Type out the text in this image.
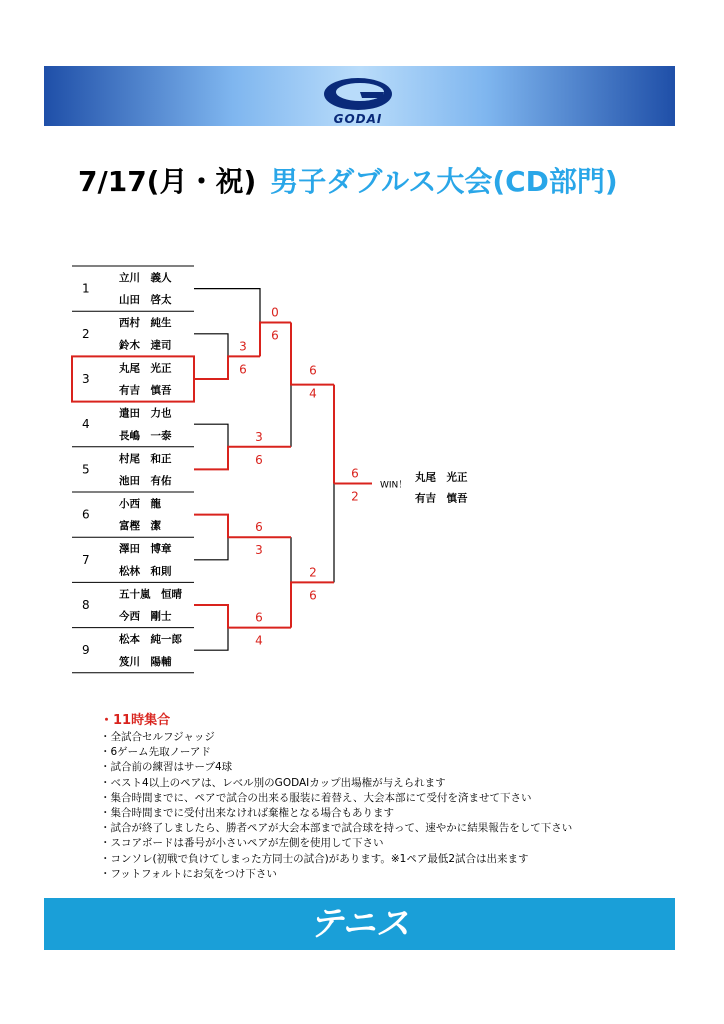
GODAI
7/17(月・祝) 男子ダブルス大会(CD部門)
1
立川　義人
山田　啓太
2
西村　純生
鈴木　達司
3
丸尾　光正
有吉　慎吾
4
遣田　力也
長嶋　一泰
5
村尾　和正
池田　有佑
6
小西　龍
富樫　潔
7
澤田　博章
松林　和則
8
五十嵐　恒晴
今西　剛士
9
松本　純一郎
笈川　陽輔
3
6
3
6
6
3
6
4
0
6
6
4
2
6
6
2
WIN！
丸尾　光正
有吉　慎吾
・11時集合
・全試合セルフジャッジ
・6ゲーム先取ノーアド
・試合前の練習はサーブ4球
・ベスト4以上のペアは、レベル別のGODAIカップ出場権が与えられます
・集合時間までに、ペアで試合の出来る服装に着替え、大会本部にて受付を済ませて下さい
・集合時間までに受付出来なければ棄権となる場合もあります
・試合が終了しましたら、勝者ペアが大会本部まで試合球を持って、速やかに結果報告をして下さい
・スコアボードは番号が小さいペアが左側を使用して下さい
・コンソレ(初戦で負けてしまった方同士の試合)があります。※1ペア最低2試合は出来ます
・フットフォルトにお気をつけ下さい
テニス
